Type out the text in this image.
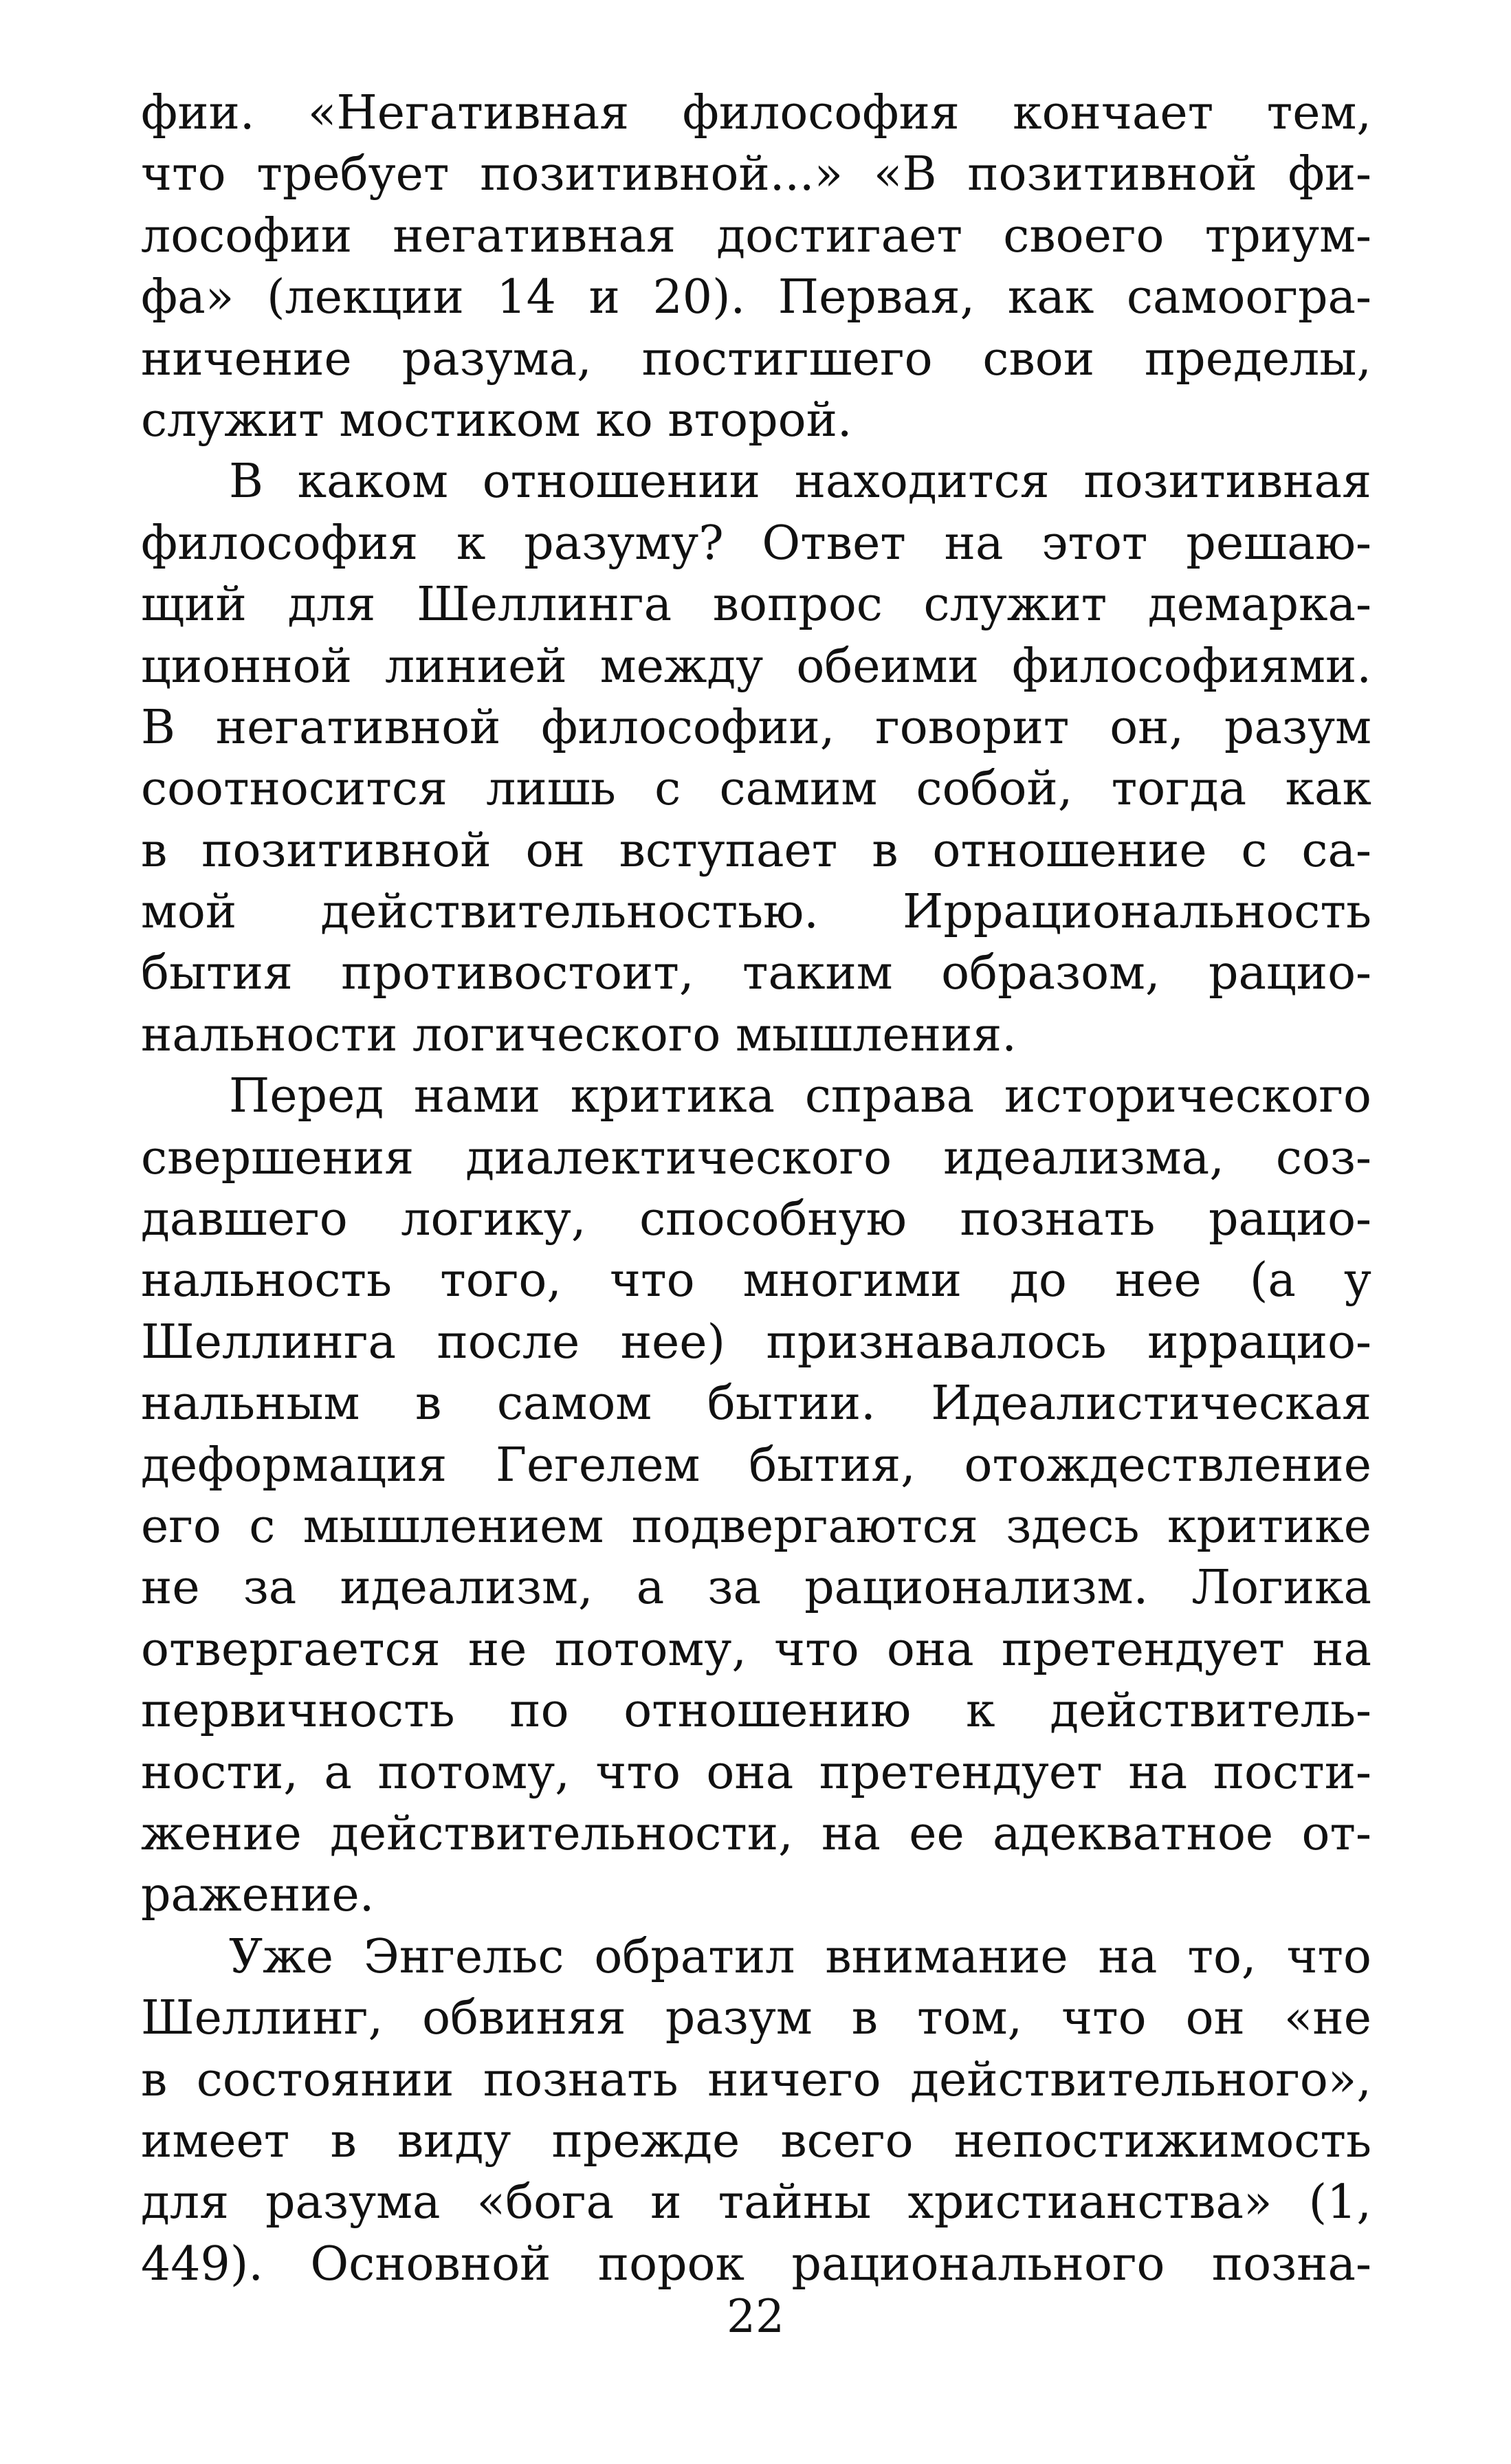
фии. «Негативная философия кончает тем,
что требует позитивной...» «В позитивной фи-
лософии негативная достигает своего триум-
фа» (лекции 14 и 20). Первая, как самоогра-
ничение разума, постигшего свои пределы,
служит мостиком ко второй.
В каком отношении находится позитивная
философия к разуму? Ответ на этот решаю-
щий для Шеллинга вопрос служит демарка-
ционной линией между обеими философиями.
В негативной философии, говорит он, разум
соотносится лишь с самим собой, тогда как
в позитивной он вступает в отношение с са-
мой действительностью. Иррациональность
бытия противостоит, таким образом, рацио-
нальности логического мышления.
Перед нами критика справа исторического
свершения диалектического идеализма, соз-
давшего логику, способную познать рацио-
нальность того, что многими до нее (а у
Шеллинга после нее) признавалось иррацио-
нальным в самом бытии. Идеалистическая
деформация Гегелем бытия, отождествление
его с мышлением подвергаются здесь критике
не за идеализм, а за рационализм. Логика
отвергается не потому, что она претендует на
первичность по отношению к действитель-
ности, а потому, что она претендует на пости-
жение действительности, на ее адекватное от-
ражение.
Уже Энгельс обратил внимание на то, что
Шеллинг, обвиняя разум в том, что он «не
в состоянии познать ничего действительного»,
имеет в виду прежде всего непостижимость
для разума «бога и тайны христианства» (1,
449). Основной порок рационального позна-
22
